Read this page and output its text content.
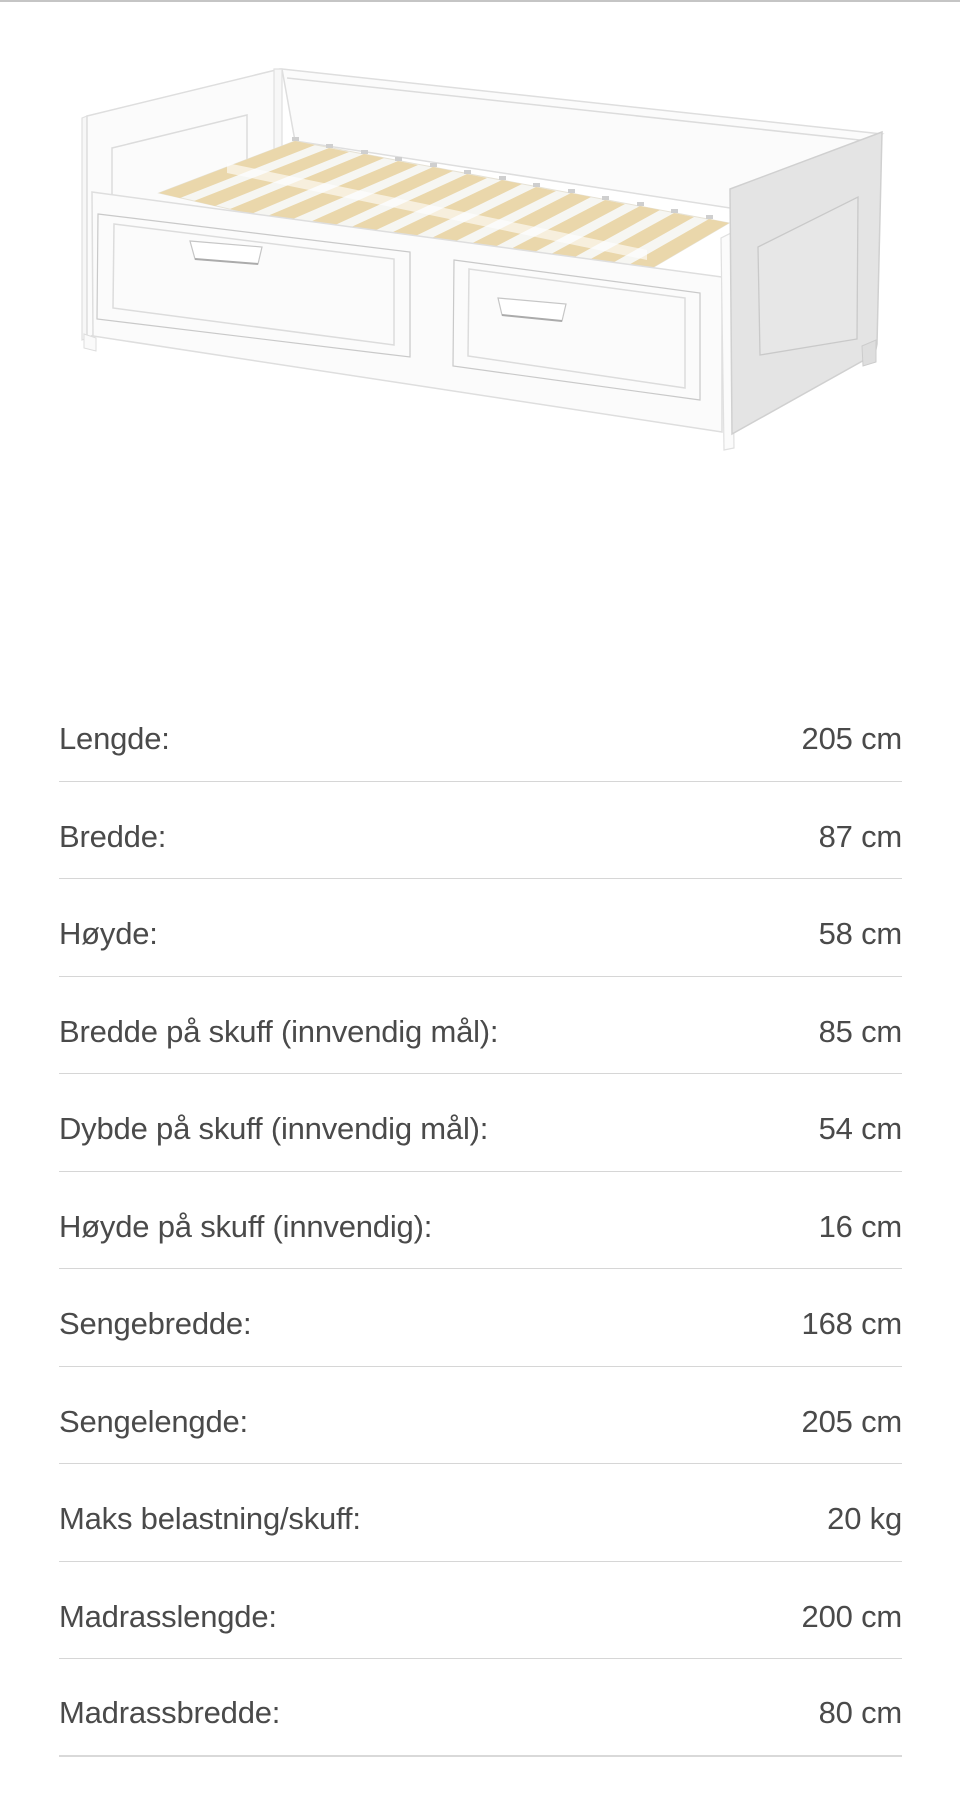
Lengde:	205 cm
Bredde:	87 cm
Høyde:	58 cm
Bredde på skuff (innvendig mål):	85 cm
Dybde på skuff (innvendig mål):	54 cm
Høyde på skuff (innvendig):	16 cm
Sengebredde:	168 cm
Sengelengde:	205 cm
Maks belastning/skuff:	20 kg
Madrasslengde:	200 cm
Madrassbredde:	80 cm
